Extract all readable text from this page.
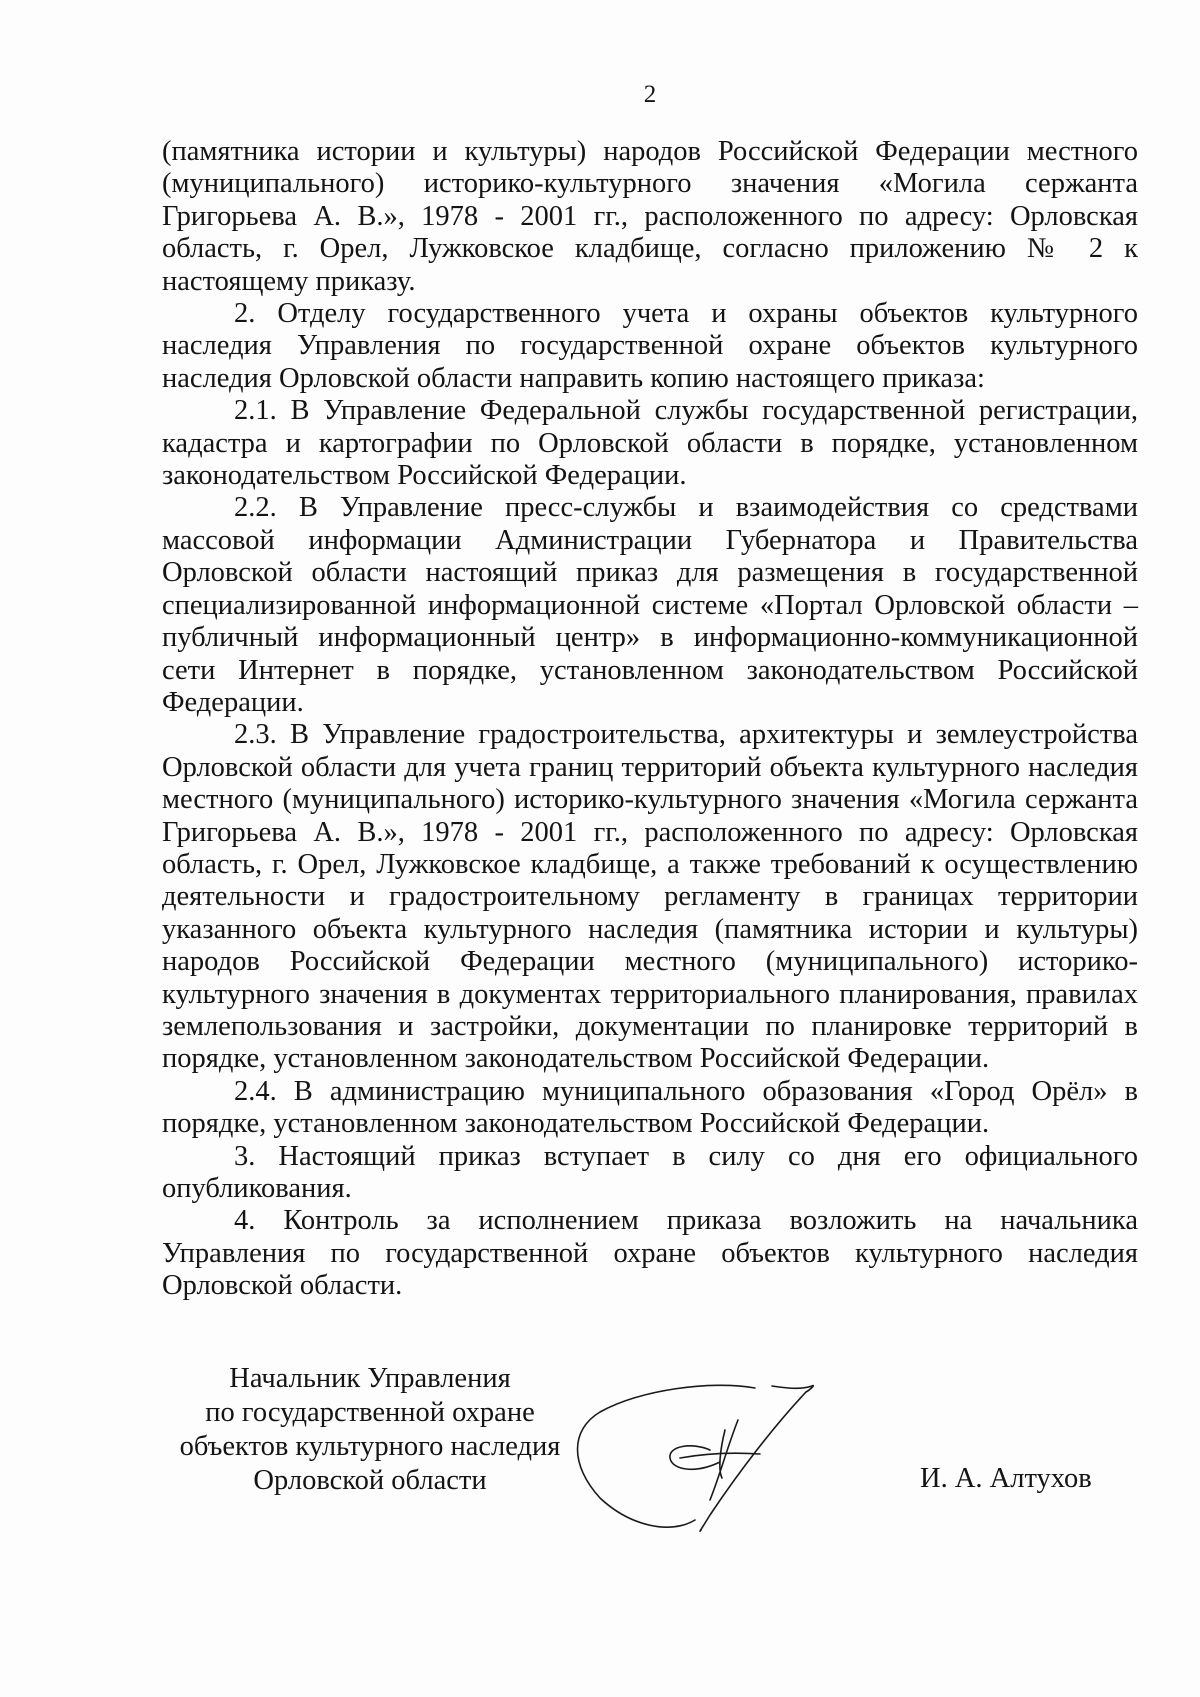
2

(памятника истории и культуры) народов Российской Федерации местного (муниципального) историко-культурного значения «Могила сержанта Григорьева А. В.», 1978 - 2001 гг., расположенного по адресу: Орловская область, г. Орел, Лужковское кладбище, согласно приложению № 2 к настоящему приказу.

2. Отделу государственного учета и охраны объектов культурного наследия Управления по государственной охране объектов культурного наследия Орловской области направить копию настоящего приказа:

2.1. В Управление Федеральной службы государственной регистрации, кадастра и картографии по Орловской области в порядке, установленном законодательством Российской Федерации.

2.2. В Управление пресс-службы и взаимодействия со средствами массовой информации Администрации Губернатора и Правительства Орловской области настоящий приказ для размещения в государственной специализированной информационной системе «Портал Орловской области – публичный информационный центр» в информационно-коммуникационной сети Интернет в порядке, установленном законодательством Российской Федерации.

2.3. В Управление градостроительства, архитектуры и землеустройства Орловской области для учета границ территорий объекта культурного наследия местного (муниципального) историко-культурного значения «Могила сержанта Григорьева А. В.», 1978 - 2001 гг., расположенного по адресу: Орловская область, г. Орел, Лужковское кладбище, а также требований к осуществлению деятельности и градостроительному регламенту в границах территории указанного объекта культурного наследия (памятника истории и культуры) народов Российской Федерации местного (муниципального) историко-культурного значения в документах территориального планирования, правилах землепользования и застройки, документации по планировке территорий в порядке, установленном законодательством Российской Федерации.

2.4. В администрацию муниципального образования «Город Орёл» в порядке, установленном законодательством Российской Федерации.

3. Настоящий приказ вступает в силу со дня его официального опубликования.

4. Контроль за исполнением приказа возложить на начальника Управления по государственной охране объектов культурного наследия Орловской области.

Начальник Управления
по государственной охране
объектов культурного наследия
Орловской области	И. А. Алтухов
